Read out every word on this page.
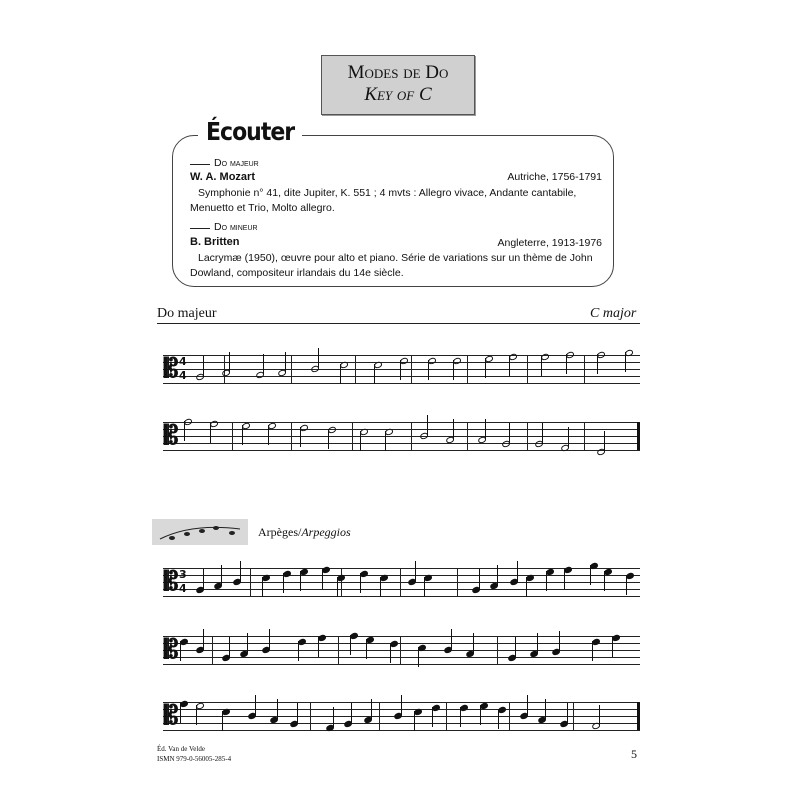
Modes de Do
Key of C
Écouter
Do majeur
W. A. Mozart	Autriche, 1756-1791
Symphonie n° 41, dite Jupiter, K. 551 ; 4 mvts : Allegro vivace, Andante cantabile,
Menuetto et Trio, Molto allegro.
Do mineur
B. Britten	Angleterre, 1913-1976
Lacrymæ (1950), œuvre pour alto et piano. Série de variations sur un thème de John
Dowland, compositeur irlandais du 14e siècle.
Do majeur	C major
Arpèges/Arpeggios
𝄡 4
4
𝄡
𝄡 3
4
𝄡
𝄡
Éd. Van de Velde
ISMN 979-0-56005-285-4	5
